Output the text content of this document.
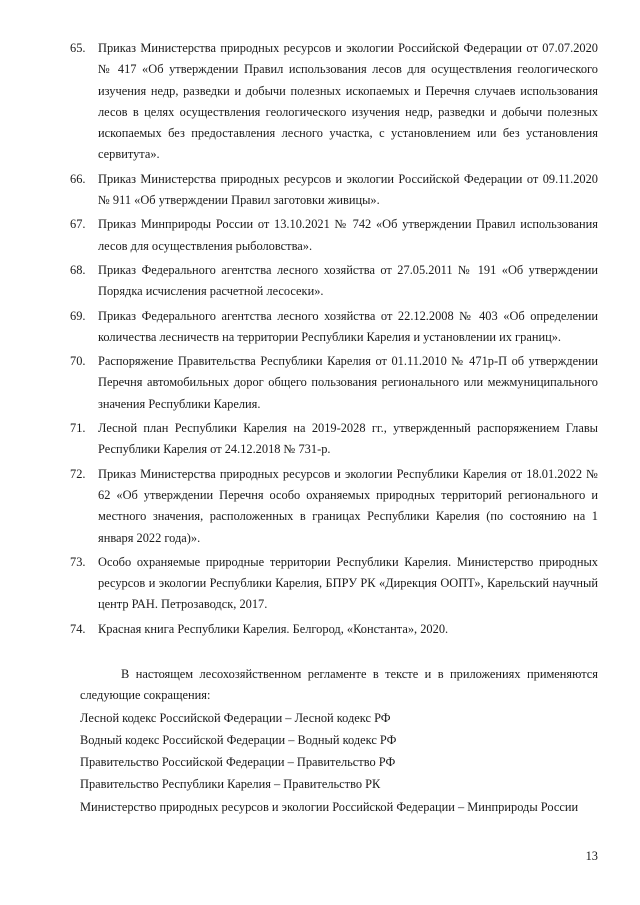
65.	Приказ Министерства природных ресурсов и экологии Российской Федерации от 07.07.2020 № 417 «Об утверждении Правил использования лесов для осуществления геологического изучения недр, разведки и добычи полезных ископаемых и Перечня случаев использования лесов в целях осуществления геологического изучения недр, разведки и добычи полезных ископаемых без предоставления лесного участка, с установлением или без установления сервитута».
66.	Приказ Министерства природных ресурсов и экологии Российской Федерации от 09.11.2020 № 911 «Об утверждении Правил заготовки живицы».
67.	Приказ Минприроды России от 13.10.2021 № 742 «Об утверждении Правил использования лесов для осуществления рыболовства».
68.	Приказ Федерального агентства лесного хозяйства от 27.05.2011 № 191 «Об утверждении Порядка исчисления расчетной лесосеки».
69.	Приказ Федерального агентства лесного хозяйства от 22.12.2008 № 403 «Об определении количества лесничеств на территории Республики Карелия и установлении их границ».
70.	Распоряжение Правительства Республики Карелия от 01.11.2010 № 471р-П об утверждении Перечня автомобильных дорог общего пользования регионального или межмуниципального значения Республики Карелия.
71.	Лесной план Республики Карелия на 2019-2028 гг., утвержденный распоряжением Главы Республики Карелия от 24.12.2018 № 731-р.
72.	Приказ Министерства природных ресурсов и экологии Республики Карелия от 18.01.2022 № 62 «Об утверждении Перечня особо охраняемых природных территорий регионального и местного значения, расположенных в границах Республики Карелия (по состоянию на 1 января 2022 года)».
73.	Особо охраняемые природные территории Республики Карелия. Министерство природных ресурсов и экологии Республики Карелия, БПРУ РК «Дирекция ООПТ», Карельский научный центр РАН. Петрозаводск, 2017.
74.	Красная книга Республики Карелия. Белгород, «Константа», 2020.

В настоящем лесохозяйственном регламенте в тексте и в приложениях применяются следующие сокращения:

Лесной кодекс Российской Федерации – Лесной кодекс РФ

Водный кодекс Российской Федерации – Водный кодекс РФ

Правительство Российской Федерации – Правительство РФ

Правительство Республики Карелия – Правительство РК

Министерство природных ресурсов и экологии Российской Федерации – Минприроды России

13
